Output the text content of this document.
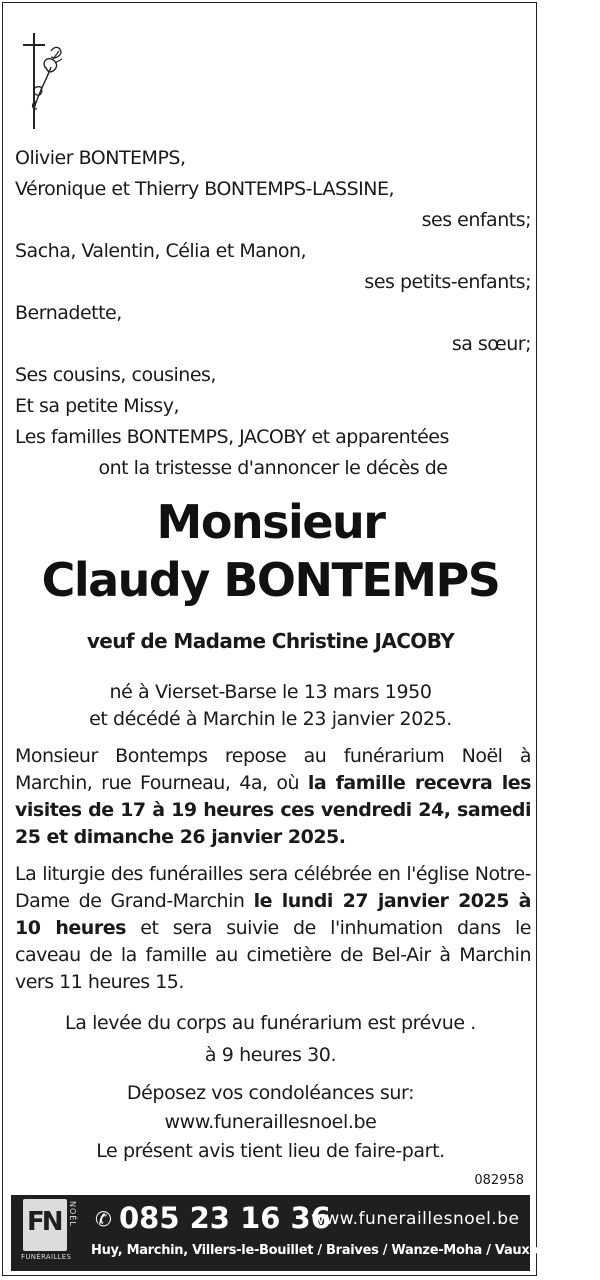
Olivier BONTEMPS,
Véronique et Thierry BONTEMPS-LASSINE,
ses enfants;
Sacha, Valentin, Célia et Manon,
ses petits-enfants;
Bernadette,
sa sœur;
Ses cousins, cousines,
Et sa petite Missy,
Les familles BONTEMPS, JACOBY et apparentées
ont la tristesse d'annoncer le décès de
Monsieur
Claudy BONTEMPS
veuf de Madame Christine JACOBY
né à Vierset-Barse le 13 mars 1950
et décédé à Marchin le 23 janvier 2025.
Monsieur Bontemps repose au funérarium Noël à Marchin, rue Fourneau, 4a, où la famille recevra les visites de 17 à 19 heures ces vendredi 24, samedi 25 et dimanche 26 janvier 2025.
La liturgie des funérailles sera célébrée en l'église Notre-Dame de Grand-Marchin le lundi 27 janvier 2025 à 10 heures et sera suivie de l'inhumation dans le caveau de la famille au cimetière de Bel-Air à Marchin vers 11 heures 15.
La levée du corps au funérarium est prévue .
à 9 heures 30.
Déposez vos condoléances sur:
www.funeraillesnoel.be
Le présent avis tient lieu de faire-part.
082958
FN NOËL
FUNÉRAILLES
✆ 085 23 16 36
www.funeraillesnoel.be
Huy, Marchin, Villers-le-Bouillet / Braives / Wanze-Moha / Vaux-et-Borset
